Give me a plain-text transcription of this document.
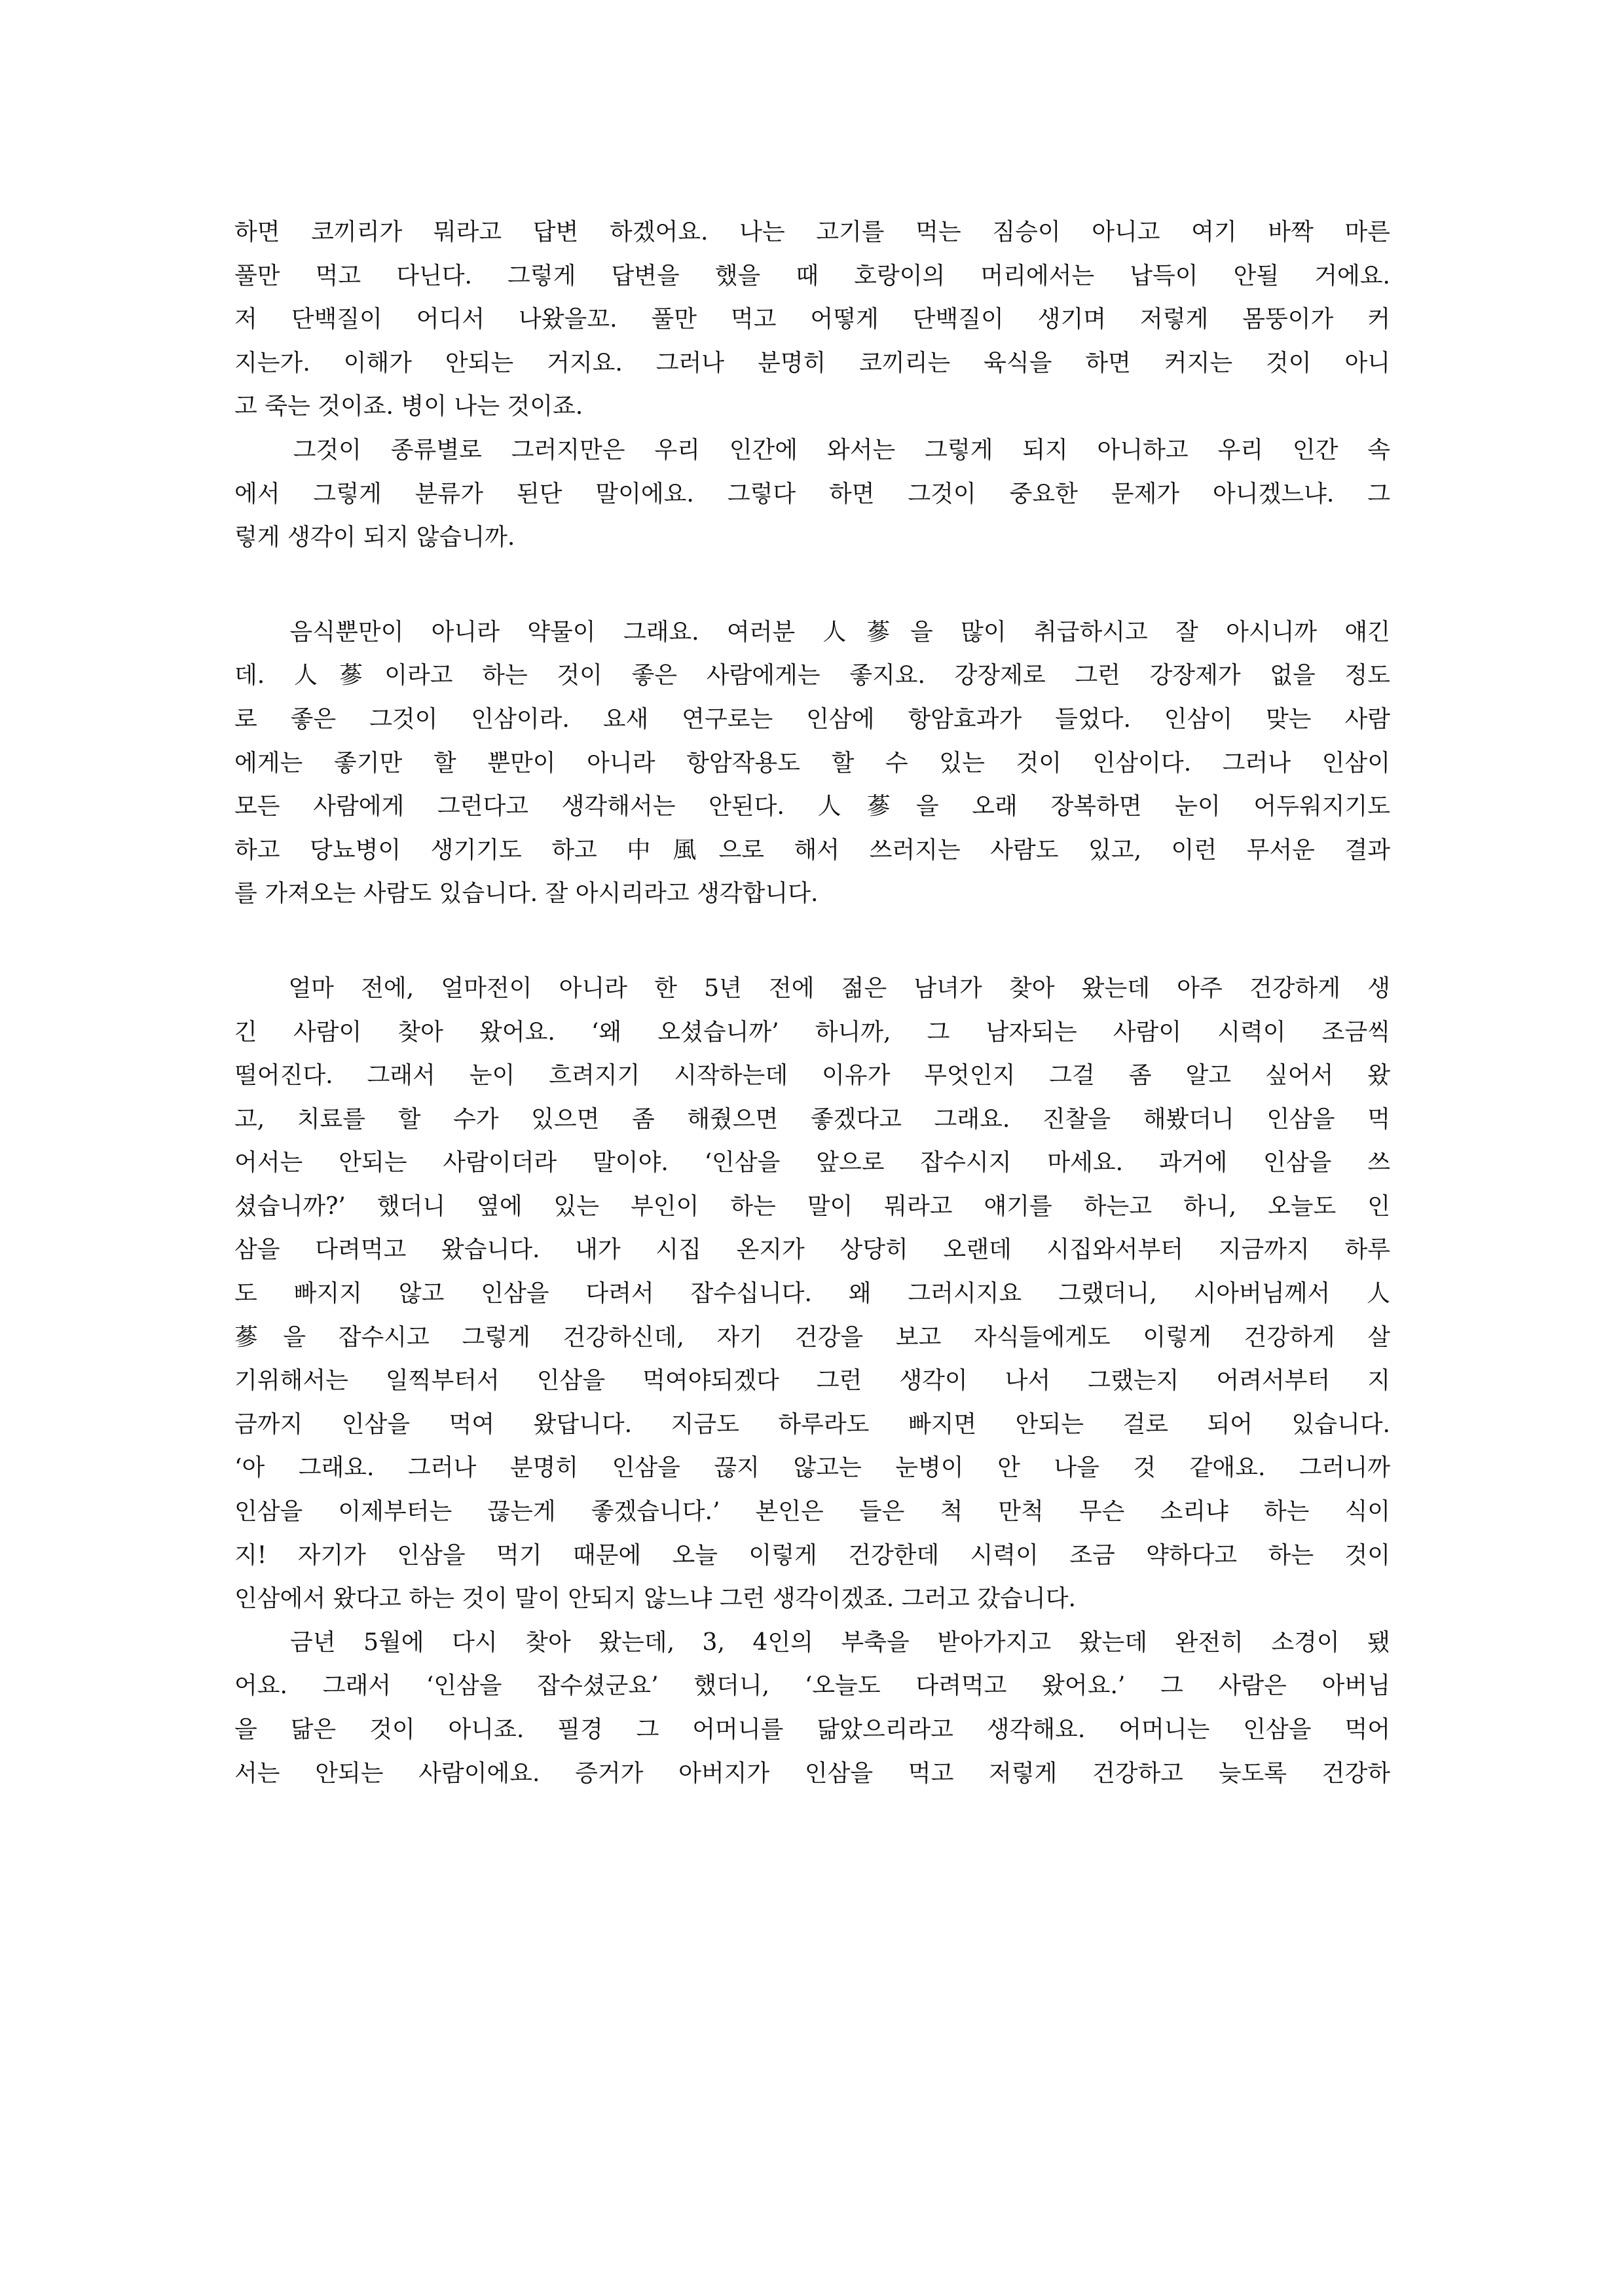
하면 코끼리가 뭐라고 답변 하겠어요. 나는 고기를 먹는 짐승이 아니고 여기 바짝 마른
풀만 먹고 다닌다. 그렇게 답변을 했을 때 호랑이의 머리에서는 납득이 안될 거에요.
저 단백질이 어디서 나왔을꼬. 풀만 먹고 어떻게 단백질이 생기며 저렇게 몸뚱이가 커
지는가. 이해가 안되는 거지요. 그러나 분명히 코끼리는 육식을 하면 커지는 것이 아니
고 죽는 것이죠. 병이 나는 것이죠.

그것이 종류별로 그러지만은 우리 인간에 와서는 그렇게 되지 아니하고 우리 인간 속
에서 그렇게 분류가 된단 말이에요. 그렇다 하면 그것이 중요한 문제가 아니겠느냐. 그
렇게 생각이 되지 않습니까.

음식뿐만이 아니라 약물이 그래요. 여러분 人蔘을 많이 취급하시고 잘 아시니까 얘긴
데. 人蔘이라고 하는 것이 좋은 사람에게는 좋지요. 강장제로 그런 강장제가 없을 정도
로 좋은 그것이 인삼이라. 요새 연구로는 인삼에 항암효과가 들었다. 인삼이 맞는 사람
에게는 좋기만 할 뿐만이 아니라 항암작용도 할 수 있는 것이 인삼이다. 그러나 인삼이
모든 사람에게 그런다고 생각해서는 안된다. 人蔘을 오래 장복하면 눈이 어두워지기도
하고 당뇨병이 생기기도 하고 中風으로 해서 쓰러지는 사람도 있고, 이런 무서운 결과
를 가져오는 사람도 있습니다. 잘 아시리라고 생각합니다.

얼마 전에, 얼마전이 아니라 한 5년 전에 젊은 남녀가 찾아 왔는데 아주 건강하게 생
긴 사람이 찾아 왔어요. ‘왜 오셨습니까’ 하니까, 그 남자되는 사람이 시력이 조금씩
떨어진다. 그래서 눈이 흐려지기 시작하는데 이유가 무엇인지 그걸 좀 알고 싶어서 왔
고, 치료를 할 수가 있으면 좀 해줬으면 좋겠다고 그래요. 진찰을 해봤더니 인삼을 먹
어서는 안되는 사람이더라 말이야. ‘인삼을 앞으로 잡수시지 마세요. 과거에 인삼을 쓰
셨습니까?’ 했더니 옆에 있는 부인이 하는 말이 뭐라고 얘기를 하는고 하니, 오늘도 인
삼을 다려먹고 왔습니다. 내가 시집 온지가 상당히 오랜데 시집와서부터 지금까지 하루
도 빠지지 않고 인삼을 다려서 잡수십니다. 왜 그러시지요 그랬더니, 시아버님께서 人
蔘을 잡수시고 그렇게 건강하신데, 자기 건강을 보고 자식들에게도 이렇게 건강하게 살
기위해서는 일찍부터서 인삼을 먹여야되겠다 그런 생각이 나서 그랬는지 어려서부터 지
금까지 인삼을 먹여 왔답니다. 지금도 하루라도 빠지면 안되는 걸로 되어 있습니다.
‘아 그래요. 그러나 분명히 인삼을 끊지 않고는 눈병이 안 나을 것 같애요. 그러니까
인삼을 이제부터는 끊는게 좋겠습니다.’ 본인은 들은 척 만척 무슨 소리냐 하는 식이
지! 자기가 인삼을 먹기 때문에 오늘 이렇게 건강한데 시력이 조금 약하다고 하는 것이
인삼에서 왔다고 하는 것이 말이 안되지 않느냐 그런 생각이겠죠. 그러고 갔습니다.

금년 5월에 다시 찾아 왔는데, 3, 4인의 부축을 받아가지고 왔는데 완전히 소경이 됐
어요. 그래서 ‘인삼을 잡수셨군요’ 했더니, ‘오늘도 다려먹고 왔어요.’ 그 사람은 아버님
을 닮은 것이 아니죠. 필경 그 어머니를 닮았으리라고 생각해요. 어머니는 인삼을 먹어
서는 안되는 사람이에요. 증거가 아버지가 인삼을 먹고 저렇게 건강하고 늦도록 건강하
